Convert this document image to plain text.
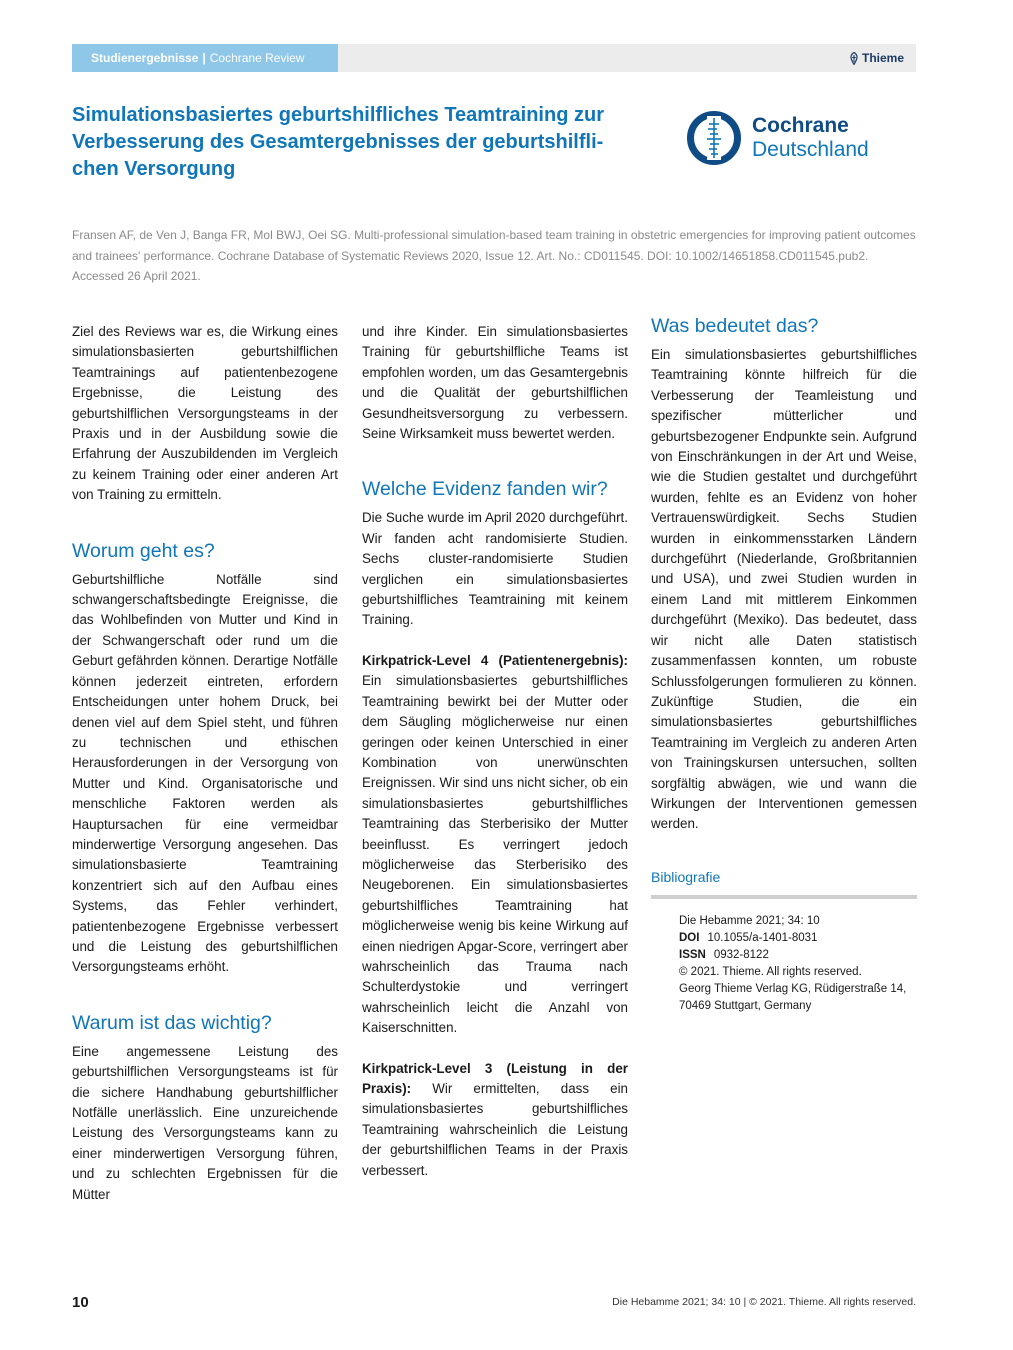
Studienergebnisse | Cochrane Review	Thieme
Simulationsbasiertes geburtshilfliches Teamtraining zur Verbesserung des Gesamtergebnisses der geburtshilflichen Versorgung
Cochrane
Deutschland

Fransen AF, de Ven J, Banga FR, Mol BWJ, Oei SG. Multi-professional simulation-based team training in obstetric emergencies for improving patient outcomes and trainees' performance. Cochrane Database of Systematic Reviews 2020, Issue 12. Art. No.: CD011545. DOI: 10.1002/14651858.CD011545.pub2. Accessed 26 April 2021.

Ziel des Reviews war es, die Wirkung eines simulationsbasierten geburtshilflichen Teamtrainings auf patientenbezogene Ergebnisse, die Leistung des geburtshilflichen Versorgungsteams in der Praxis und in der Ausbildung sowie die Erfahrung der Auszubildenden im Vergleich zu keinem Training oder einer anderen Art von Training zu ermitteln.

Worum geht es?

Geburtshilfliche Notfälle sind schwangerschaftsbedingte Ereignisse, die das Wohlbefinden von Mutter und Kind in der Schwangerschaft oder rund um die Geburt gefährden können. Derartige Notfälle können jederzeit eintreten, erfordern Entscheidungen unter hohem Druck, bei denen viel auf dem Spiel steht, und führen zu technischen und ethischen Herausforderungen in der Versorgung von Mutter und Kind. Organisatorische und menschliche Faktoren werden als Hauptursachen für eine vermeidbar minderwertige Versorgung angesehen. Das simulationsbasierte Teamtraining konzentriert sich auf den Aufbau eines Systems, das Fehler verhindert, patientenbezogene Ergebnisse verbessert und die Leistung des geburtshilflichen Versorgungsteams erhöht.

Warum ist das wichtig?

Eine angemessene Leistung des geburtshilflichen Versorgungsteams ist für die sichere Handhabung geburtshilflicher Notfälle unerlässlich. Eine unzureichende Leistung des Versorgungsteams kann zu einer minderwertigen Versorgung führen, und zu schlechten Ergebnissen für die Mütter

und ihre Kinder. Ein simulationsbasiertes Training für geburtshilfliche Teams ist empfohlen worden, um das Gesamtergebnis und die Qualität der geburtshilflichen Gesundheitsversorgung zu verbessern. Seine Wirksamkeit muss bewertet werden.

Welche Evidenz fanden wir?

Die Suche wurde im April 2020 durchgeführt. Wir fanden acht randomisierte Studien. Sechs cluster-randomisierte Studien verglichen ein simulationsbasiertes geburtshilfliches Teamtraining mit keinem Training.

Kirkpatrick-Level 4 (Patientenergebnis): Ein simulationsbasiertes geburtshilfliches Teamtraining bewirkt bei der Mutter oder dem Säugling möglicherweise nur einen geringen oder keinen Unterschied in einer Kombination von unerwünschten Ereignissen. Wir sind uns nicht sicher, ob ein simulationsbasiertes geburtshilfliches Teamtraining das Sterberisiko der Mutter beeinflusst. Es verringert jedoch möglicherweise das Sterberisiko des Neugeborenen. Ein simulationsbasiertes geburtshilfliches Teamtraining hat möglicherweise wenig bis keine Wirkung auf einen niedrigen Apgar-Score, verringert aber wahrscheinlich das Trauma nach Schulterdystokie und verringert wahrscheinlich leicht die Anzahl von Kaiserschnitten.

Kirkpatrick-Level 3 (Leistung in der Praxis): Wir ermittelten, dass ein simulationsbasiertes geburtshilfliches Teamtraining wahrscheinlich die Leistung der geburtshilflichen Teams in der Praxis verbessert.

Was bedeutet das?

Ein simulationsbasiertes geburtshilfliches Teamtraining könnte hilfreich für die Verbesserung der Teamleistung und spezifischer mütterlicher und geburtsbezogener Endpunkte sein. Aufgrund von Einschränkungen in der Art und Weise, wie die Studien gestaltet und durchgeführt wurden, fehlte es an Evidenz von hoher Vertrauenswürdigkeit. Sechs Studien wurden in einkommensstarken Ländern durchgeführt (Niederlande, Großbritannien und USA), und zwei Studien wurden in einem Land mit mittlerem Einkommen durchgeführt (Mexiko). Das bedeutet, dass wir nicht alle Daten statistisch zusammenfassen konnten, um robuste Schlussfolgerungen formulieren zu können. Zukünftige Studien, die ein simulationsbasiertes geburtshilfliches Teamtraining im Vergleich zu anderen Arten von Trainingskursen untersuchen, sollten sorgfältig abwägen, wie und wann die Wirkungen der Interventionen gemessen werden.

Bibliografie
Die Hebamme 2021; 34: 10
DOI 10.1055/a-1401-8031
ISSN 0932-8122
© 2021. Thieme. All rights reserved.
Georg Thieme Verlag KG, Rüdigerstraße 14,
70469 Stuttgart, Germany
10	Die Hebamme 2021; 34: 10 | © 2021. Thieme. All rights reserved.
